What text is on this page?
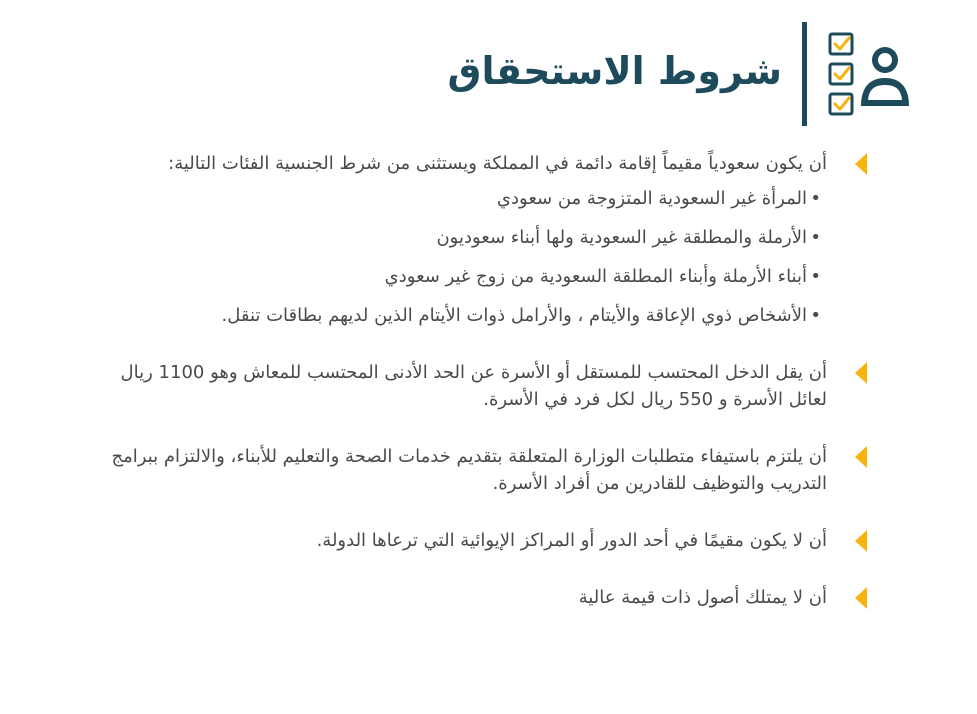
شروط الاستحقاق
أن يكون سعودياً مقيماً إقامة دائمة في المملكة ويستثنى من شرط الجنسية الفئات التالية:
•
المرأة غير السعودية المتزوجة من سعودي
•
الأرملة والمطلقة غير السعودية ولها أبناء سعوديون
•
أبناء الأرملة وأبناء المطلقة السعودية من زوج غير سعودي
•
الأشخاص ذوي الإعاقة والأيتام ، والأرامل ذوات الأيتام الذين لديهم بطاقات تنقل.
أن يقل الدخل المحتسب للمستقل أو الأسرة عن الحد الأدنى المحتسب للمعاش وهو 1100 ريال لعائل الأسرة و 550 ريال لكل فرد في الأسرة.
أن يلتزم باستيفاء متطلبات الوزارة المتعلقة بتقديم خدمات الصحة والتعليم للأبناء، والالتزام ببرامج التدريب والتوظيف للقادرين من أفراد الأسرة.
أن لا يكون مقيمًا في أحد الدور أو المراكز الإيوائية التي ترعاها الدولة.
أن لا يمتلك أصول ذات قيمة عالية
